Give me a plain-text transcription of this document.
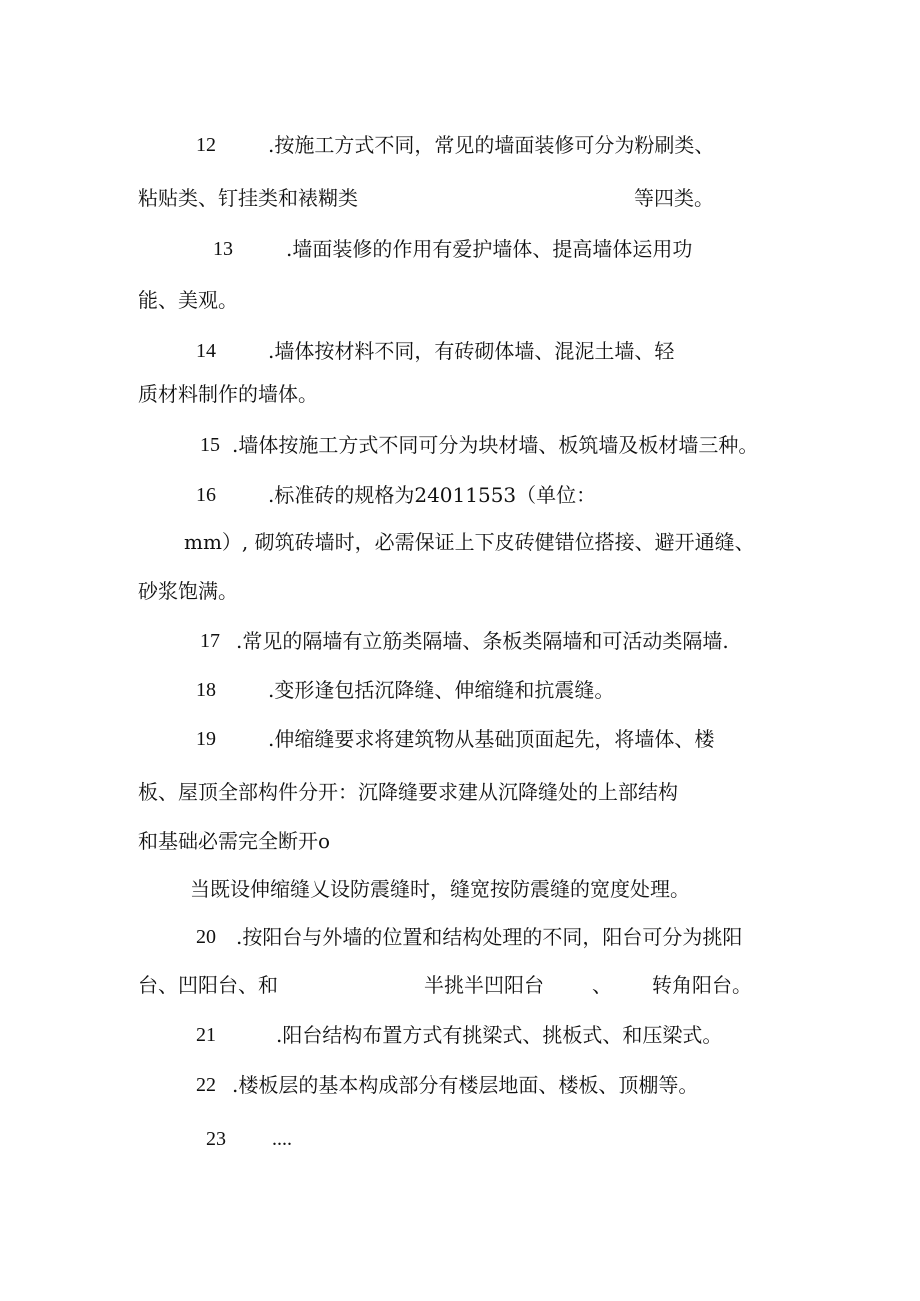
12	.按施工方式不同，常见的墙面装修可分为粉刷类、
粘贴类、钉挂类和裱糊类	等四类。
13	.墙面装修的作用有爱护墙体、提高墙体运用功
能、美观。
14	.墙体按材料不同，有砖砌体墙、混泥土墙、轻
质材料制作的墙体。
15 .墙体按施工方式不同可分为块材墙、板筑墙及板材墙三种。
16	.标准砖的规格为24011553（单位：
mm）, 砌筑砖墙时，必需保证上下皮砖健错位搭接、避开通缝、
砂浆饱满。
17 .常见的隔墙有立筋类隔墙、条板类隔墙和可活动类隔墙.
18	.变形逢包括沉降缝、伸缩缝和抗震缝。
19	.伸缩缝要求将建筑物从基础顶面起先，将墙体、楼
板、屋顶全部构件分开：沉降缝要求建从沉降缝处的上部结构
和基础必需完全断开o
当既设伸缩缝乂设防震缝时，缝宽按防震缝的宽度处理。
20 .按阳台与外墙的位置和结构处理的不同，阳台可分为挑阳
台、凹阳台、和	半挑半凹阳台 、 转角阳台。
21	.阳台结构布置方式有挑梁式、挑板式、和压梁式。
22 .楼板层的基本构成部分有楼层地面、楼板、顶棚等。
23 ....
